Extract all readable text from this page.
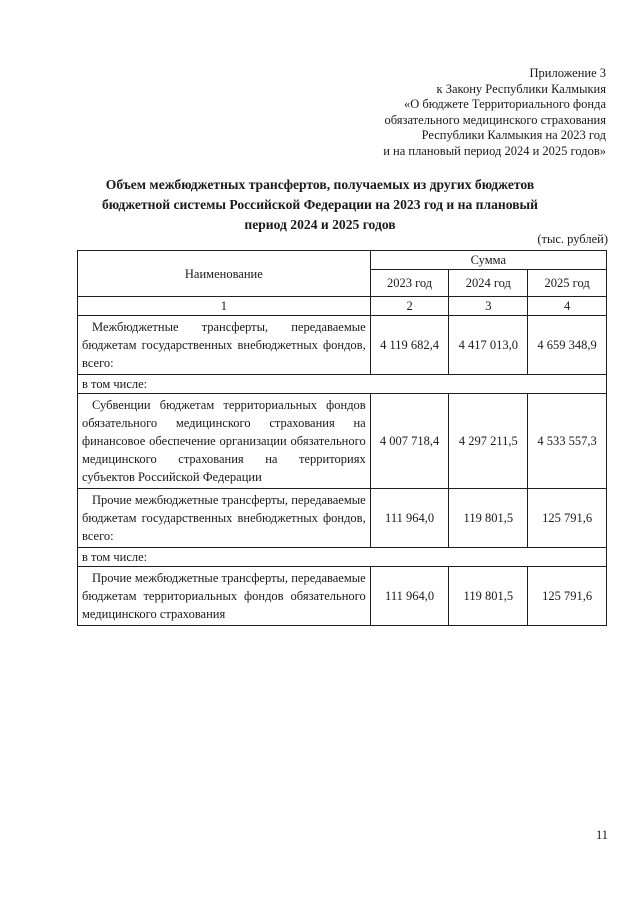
Приложение 3
к Закону Республики Калмыкия
«О бюджете Территориального фонда
обязательного медицинского страхования
Республики Калмыкия на 2023 год
и на плановый период 2024 и 2025 годов»
Объем межбюджетных трансфертов, получаемых из других бюджетов
бюджетной системы Российской Федерации на 2023 год и на плановый
период 2024 и 2025 годов
(тыс. рублей)
Наименование	Сумма		
	2023 год	2024 год	2025 год
1	2	3	4

Межбюджетные трансферты, передаваемые бюджетам государственных внебюджетных фондов, всего:	4 119 682,4	4 417 013,0	4 659 348,9
в том числе:			

Субвенции бюджетам территориальных фондов обязательного медицинского страхования на финансовое обеспечение организации обязательного медицинского страхования на территориях субъектов Российской Федерации	4 007 718,4	4 297 211,5	4 533 557,3

Прочие межбюджетные трансферты, передаваемые бюджетам государственных внебюджетных фондов, всего:	111 964,0	119 801,5	125 791,6
в том числе:			

Прочие межбюджетные трансферты, передаваемые бюджетам территориальных фондов обязательного медицинского страхования	111 964,0	119 801,5	125 791,6
11
